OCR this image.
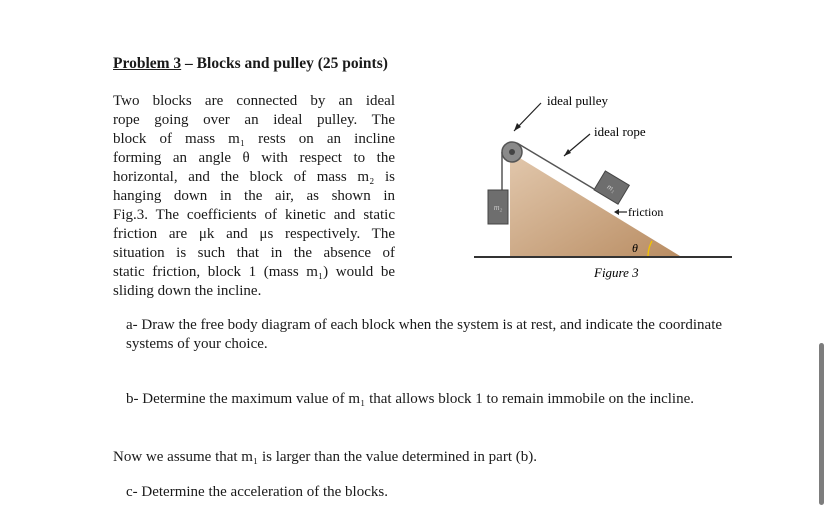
Problem 3 – Blocks and pulley (25 points)
Two blocks are connected by an ideal
rope going over an ideal pulley. The
block of mass m₁ rests on an incline
forming an angle θ with respect to the
horizontal, and the block of mass m₂ is
hanging down in the air, as shown in
Fig.3. The coefficients of kinetic and static
friction are μk and μs respectively. The
situation is such that in the absence of
static friction, block 1 (mass m₁) would be
sliding down the incline.
m₂
m₁
ideal pulley
ideal rope
friction
θ
Figure 3
a- Draw the free body diagram of each block when the system is at rest, and indicate the coordinate systems of your choice.
b- Determine the maximum value of m₁ that allows block 1 to remain immobile on the incline.
Now we assume that m₁ is larger than the value determined in part (b).
c- Determine the acceleration of the blocks.
